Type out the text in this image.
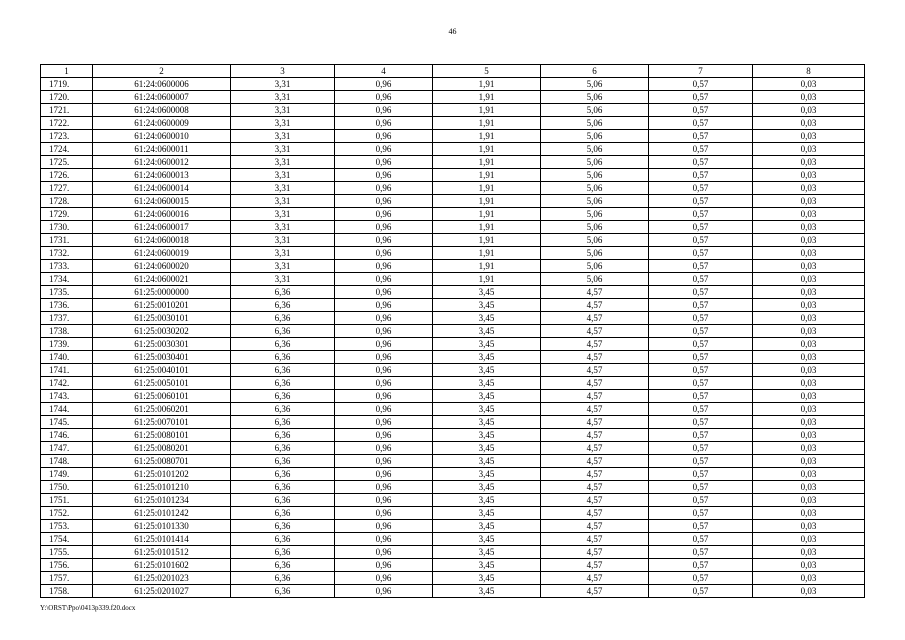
46
1	2	3	4	5	6	7	8
1719.	61:24:0600006	3,31	0,96	1,91	5,06	0,57	0,03
1720.	61:24:0600007	3,31	0,96	1,91	5,06	0,57	0,03
1721.	61:24:0600008	3,31	0,96	1,91	5,06	0,57	0,03
1722.	61:24:0600009	3,31	0,96	1,91	5,06	0,57	0,03
1723.	61:24:0600010	3,31	0,96	1,91	5,06	0,57	0,03
1724.	61:24:0600011	3,31	0,96	1,91	5,06	0,57	0,03
1725.	61:24:0600012	3,31	0,96	1,91	5,06	0,57	0,03
1726.	61:24:0600013	3,31	0,96	1,91	5,06	0,57	0,03
1727.	61:24:0600014	3,31	0,96	1,91	5,06	0,57	0,03
1728.	61:24:0600015	3,31	0,96	1,91	5,06	0,57	0,03
1729.	61:24:0600016	3,31	0,96	1,91	5,06	0,57	0,03
1730.	61:24:0600017	3,31	0,96	1,91	5,06	0,57	0,03
1731.	61:24:0600018	3,31	0,96	1,91	5,06	0,57	0,03
1732.	61:24:0600019	3,31	0,96	1,91	5,06	0,57	0,03
1733.	61:24:0600020	3,31	0,96	1,91	5,06	0,57	0,03
1734.	61:24:0600021	3,31	0,96	1,91	5,06	0,57	0,03
1735.	61:25:0000000	6,36	0,96	3,45	4,57	0,57	0,03
1736.	61:25:0010201	6,36	0,96	3,45	4,57	0,57	0,03
1737.	61:25:0030101	6,36	0,96	3,45	4,57	0,57	0,03
1738.	61:25:0030202	6,36	0,96	3,45	4,57	0,57	0,03
1739.	61:25:0030301	6,36	0,96	3,45	4,57	0,57	0,03
1740.	61:25:0030401	6,36	0,96	3,45	4,57	0,57	0,03
1741.	61:25:0040101	6,36	0,96	3,45	4,57	0,57	0,03
1742.	61:25:0050101	6,36	0,96	3,45	4,57	0,57	0,03
1743.	61:25:0060101	6,36	0,96	3,45	4,57	0,57	0,03
1744.	61:25:0060201	6,36	0,96	3,45	4,57	0,57	0,03
1745.	61:25:0070101	6,36	0,96	3,45	4,57	0,57	0,03
1746.	61:25:0080101	6,36	0,96	3,45	4,57	0,57	0,03
1747.	61:25:0080201	6,36	0,96	3,45	4,57	0,57	0,03
1748.	61:25:0080701	6,36	0,96	3,45	4,57	0,57	0,03
1749.	61:25:0101202	6,36	0,96	3,45	4,57	0,57	0,03
1750.	61:25:0101210	6,36	0,96	3,45	4,57	0,57	0,03
1751.	61:25:0101234	6,36	0,96	3,45	4,57	0,57	0,03
1752.	61:25:0101242	6,36	0,96	3,45	4,57	0,57	0,03
1753.	61:25:0101330	6,36	0,96	3,45	4,57	0,57	0,03
1754.	61:25:0101414	6,36	0,96	3,45	4,57	0,57	0,03
1755.	61:25:0101512	6,36	0,96	3,45	4,57	0,57	0,03
1756.	61:25:0101602	6,36	0,96	3,45	4,57	0,57	0,03
1757.	61:25:0201023	6,36	0,96	3,45	4,57	0,57	0,03
1758.	61:25:0201027	6,36	0,96	3,45	4,57	0,57	0,03
Y:\ORST\Ppo\0413p339.f20.docx
